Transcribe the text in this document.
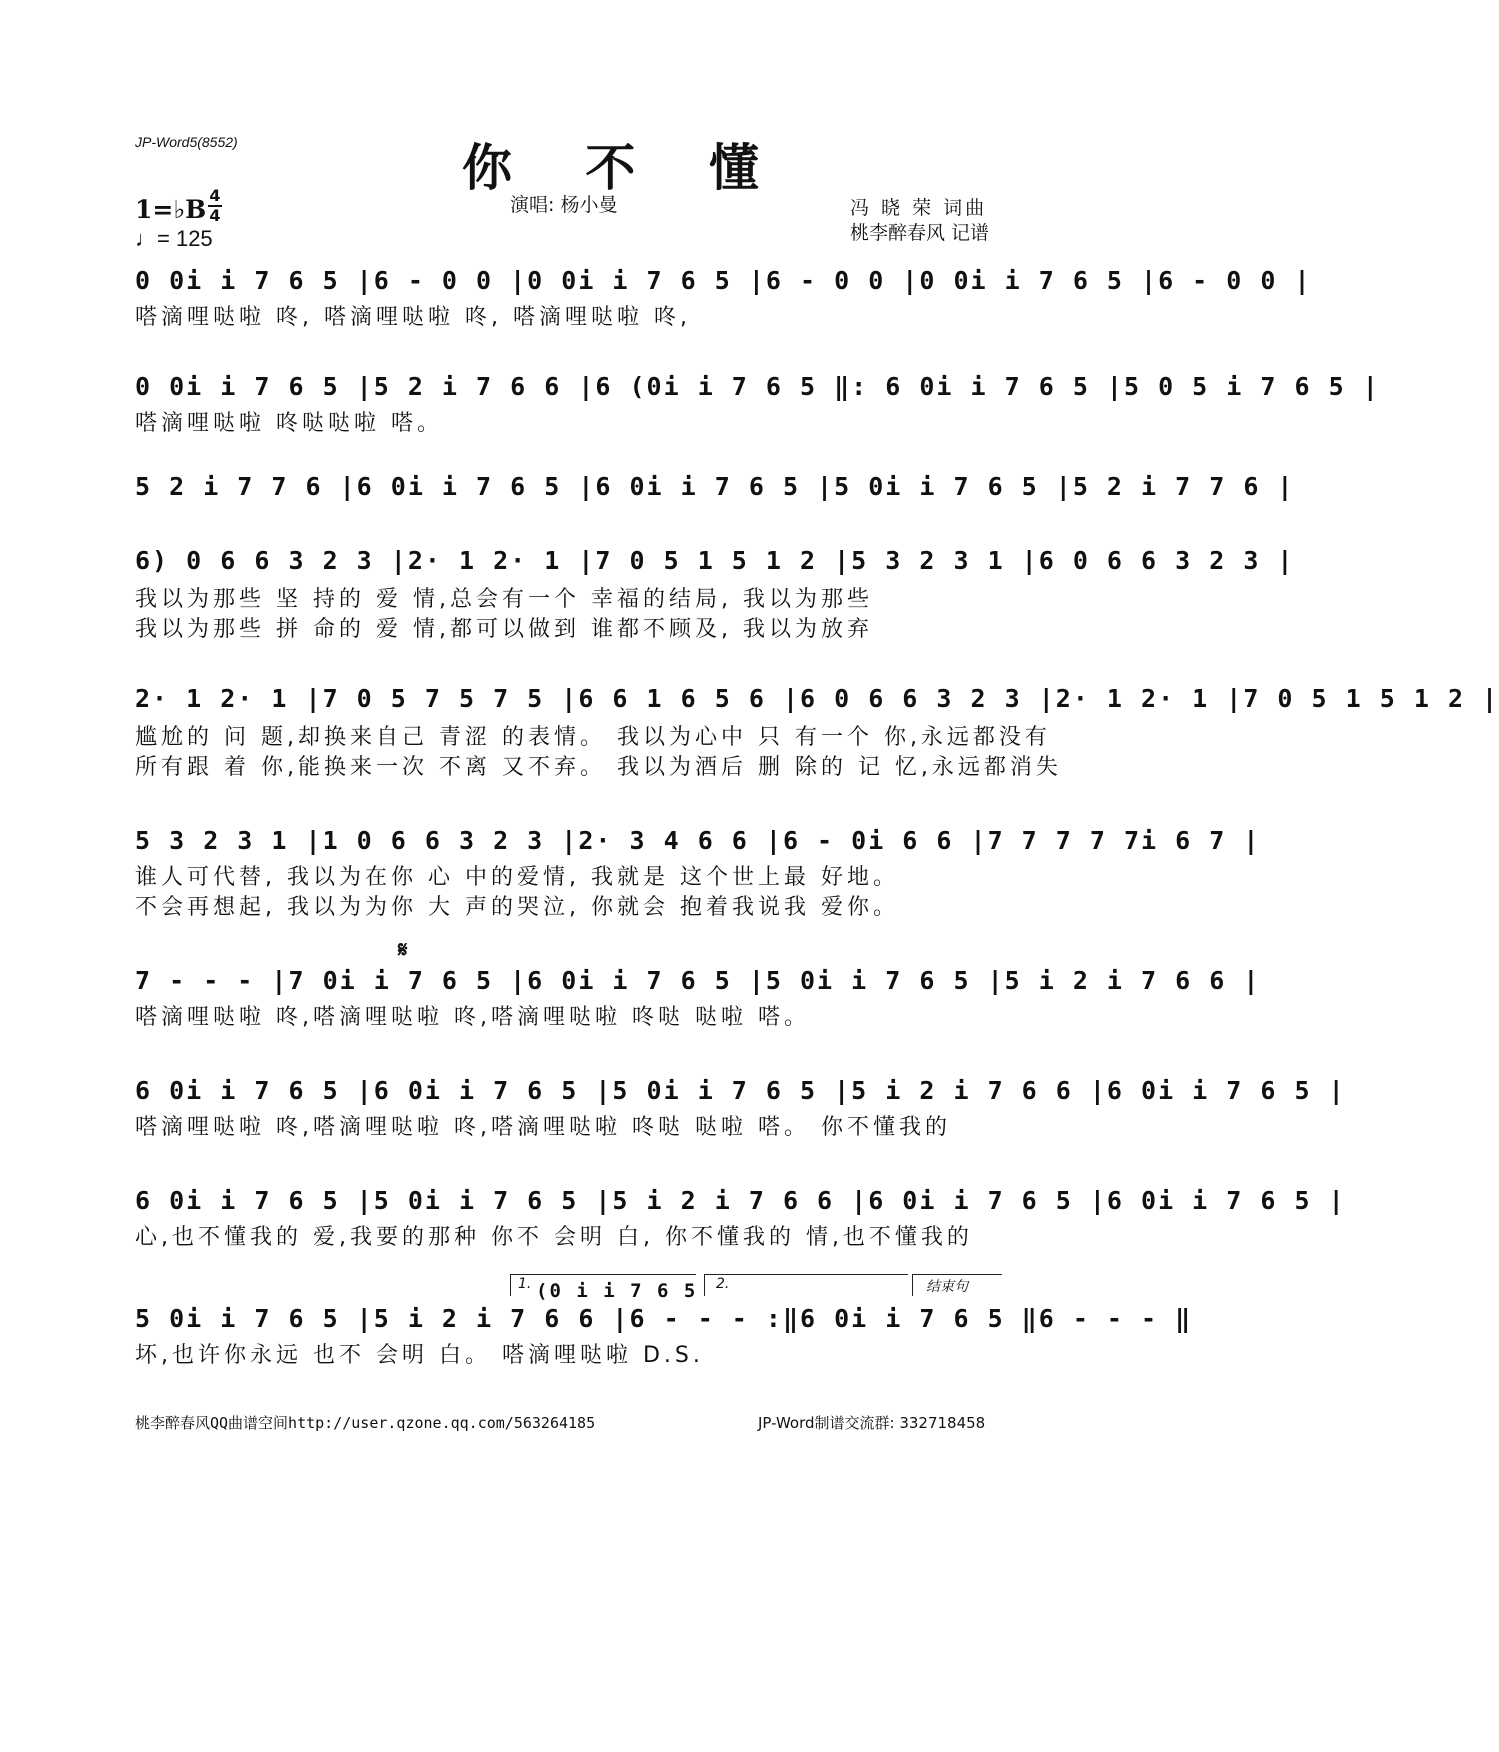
JP-Word5(8552)	你 不 懂
演唱: 杨小曼	冯 晓 荣 词曲
桃李醉春风 记谱
1=♭B 4
4
♩= 125
0 0i i 7 6 5 |6 - 0 0 |0 0i i 7 6 5 |6 - 0 0 |0 0i i 7 6 5 |6 - 0 0 |
嗒滴哩哒啦 咚, 嗒滴哩哒啦 咚, 嗒滴哩哒啦 咚,
0 0i i 7 6 5 |5 2 i 7 6 6 |6 (0i i 7 6 5 ‖: 6 0i i 7 6 5 |5 0 5 i 7 6 5 |
嗒滴哩哒啦 咚哒哒啦 嗒。
5 2 i 7 7 6 |6 0i i 7 6 5 |6 0i i 7 6 5 |5 0i i 7 6 5 |5 2 i 7 7 6 |
6) 0 6 6 3 2 3 |2· 1 2· 1 |7 0 5 1 5 1 2 |5 3 2 3 1 |6 0 6 6 3 2 3 |
我以为那些 坚 持的 爱 情,总会有一个 幸福的结局, 我以为那些
我以为那些 拼 命的 爱 情,都可以做到 谁都不顾及, 我以为放弃
2· 1 2· 1 |7 0 5 7 5 7 5 |6 6 1 6 5 6 |6 0 6 6 3 2 3 |2· 1 2· 1 |7 0 5 1 5 1 2 |
尴尬的 问 题,却换来自己 青涩 的表情。 我以为心中 只 有一个 你,永远都没有
所有跟 着 你,能换来一次 不离 又不弃。 我以为酒后 删 除的 记 忆,永远都消失
5 3 2 3 1 |1 0 6 6 3 2 3 |2· 3 4 6 6 |6 - 0i 6 6 |7 7 7 7 7i 6 7 |
谁人可代替, 我以为在你 心 中的爱情, 我就是 这个世上最 好地。
不会再想起, 我以为为你 大 声的哭泣, 你就会 抱着我说我 爱你。
𝄋
7 - - - |7 0i i 7 6 5 |6 0i i 7 6 5 |5 0i i 7 6 5 |5 i 2 i 7 6 6 |
嗒滴哩哒啦 咚,嗒滴哩哒啦 咚,嗒滴哩哒啦 咚哒 哒啦 嗒。
6 0i i 7 6 5 |6 0i i 7 6 5 |5 0i i 7 6 5 |5 i 2 i 7 6 6 |6 0i i 7 6 5 |
嗒滴哩哒啦 咚,嗒滴哩哒啦 咚,嗒滴哩哒啦 咚哒 哒啦 嗒。 你不懂我的
6 0i i 7 6 5 |5 0i i 7 6 5 |5 i 2 i 7 6 6 |6 0i i 7 6 5 |6 0i i 7 6 5 |
心,也不懂我的 爱,我要的那种 你不 会明 白, 你不懂我的 情,也不懂我的
1. (0 i i 7 6 5 2.	结束句
5 0i i 7 6 5 |5 i 2 i 7 6 6 |6 - - - :‖6 0i i 7 6 5 ‖6 - - - ‖
坏,也许你永远 也不 会明 白。 嗒滴哩哒啦 D.S.
桃李醉春风QQ曲谱空间http://user.qzone.qq.com/563264185	JP-Word制谱交流群: 332718458
